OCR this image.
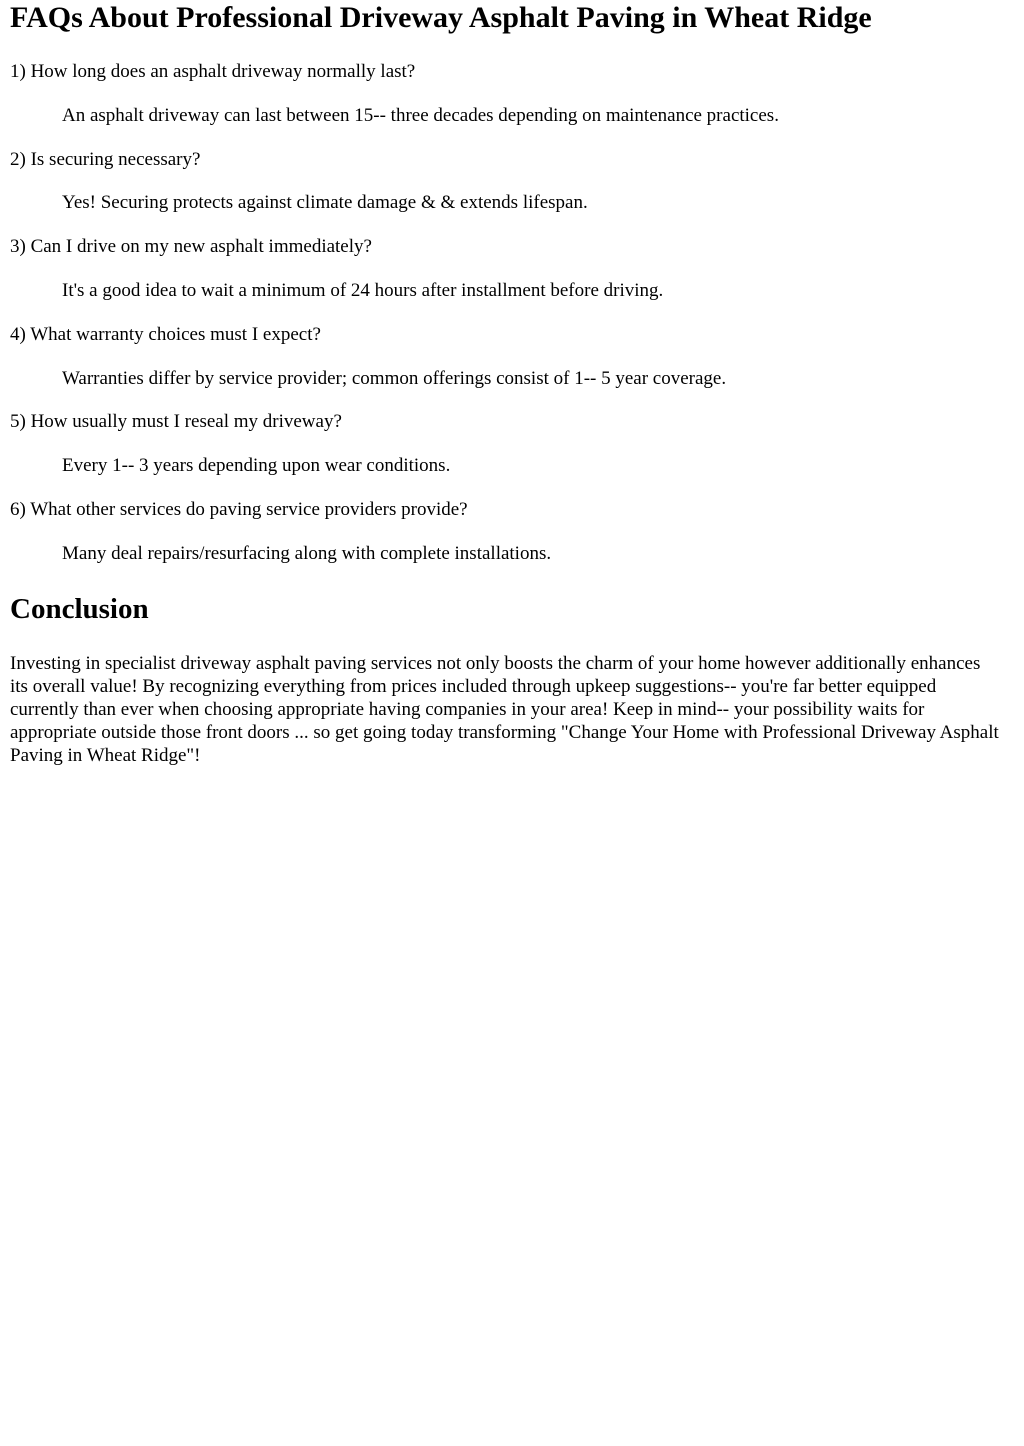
FAQs About Professional Driveway Asphalt Paving in Wheat Ridge

1) How long does an asphalt driveway normally last?

An asphalt driveway can last between 15-- three decades depending on maintenance practices.

2) Is securing necessary?

Yes! Securing protects against climate damage & & extends lifespan.

3) Can I drive on my new asphalt immediately?

It's a good idea to wait a minimum of 24 hours after installment before driving.

4) What warranty choices must I expect?

Warranties differ by service provider; common offerings consist of 1-- 5 year coverage.

5) How usually must I reseal my driveway?

Every 1-- 3 years depending upon wear conditions.

6) What other services do paving service providers provide?

Many deal repairs/resurfacing along with complete installations.

Conclusion

Investing in specialist driveway asphalt paving services not only boosts the charm of your home however additionally enhances its overall value! By recognizing everything from prices included through upkeep suggestions-- you're far better equipped currently than ever when choosing appropriate having companies in your area! Keep in mind-- your possibility waits for appropriate outside those front doors ... so get going today transforming "Change Your Home with Professional Driveway Asphalt Paving in Wheat Ridge"!
